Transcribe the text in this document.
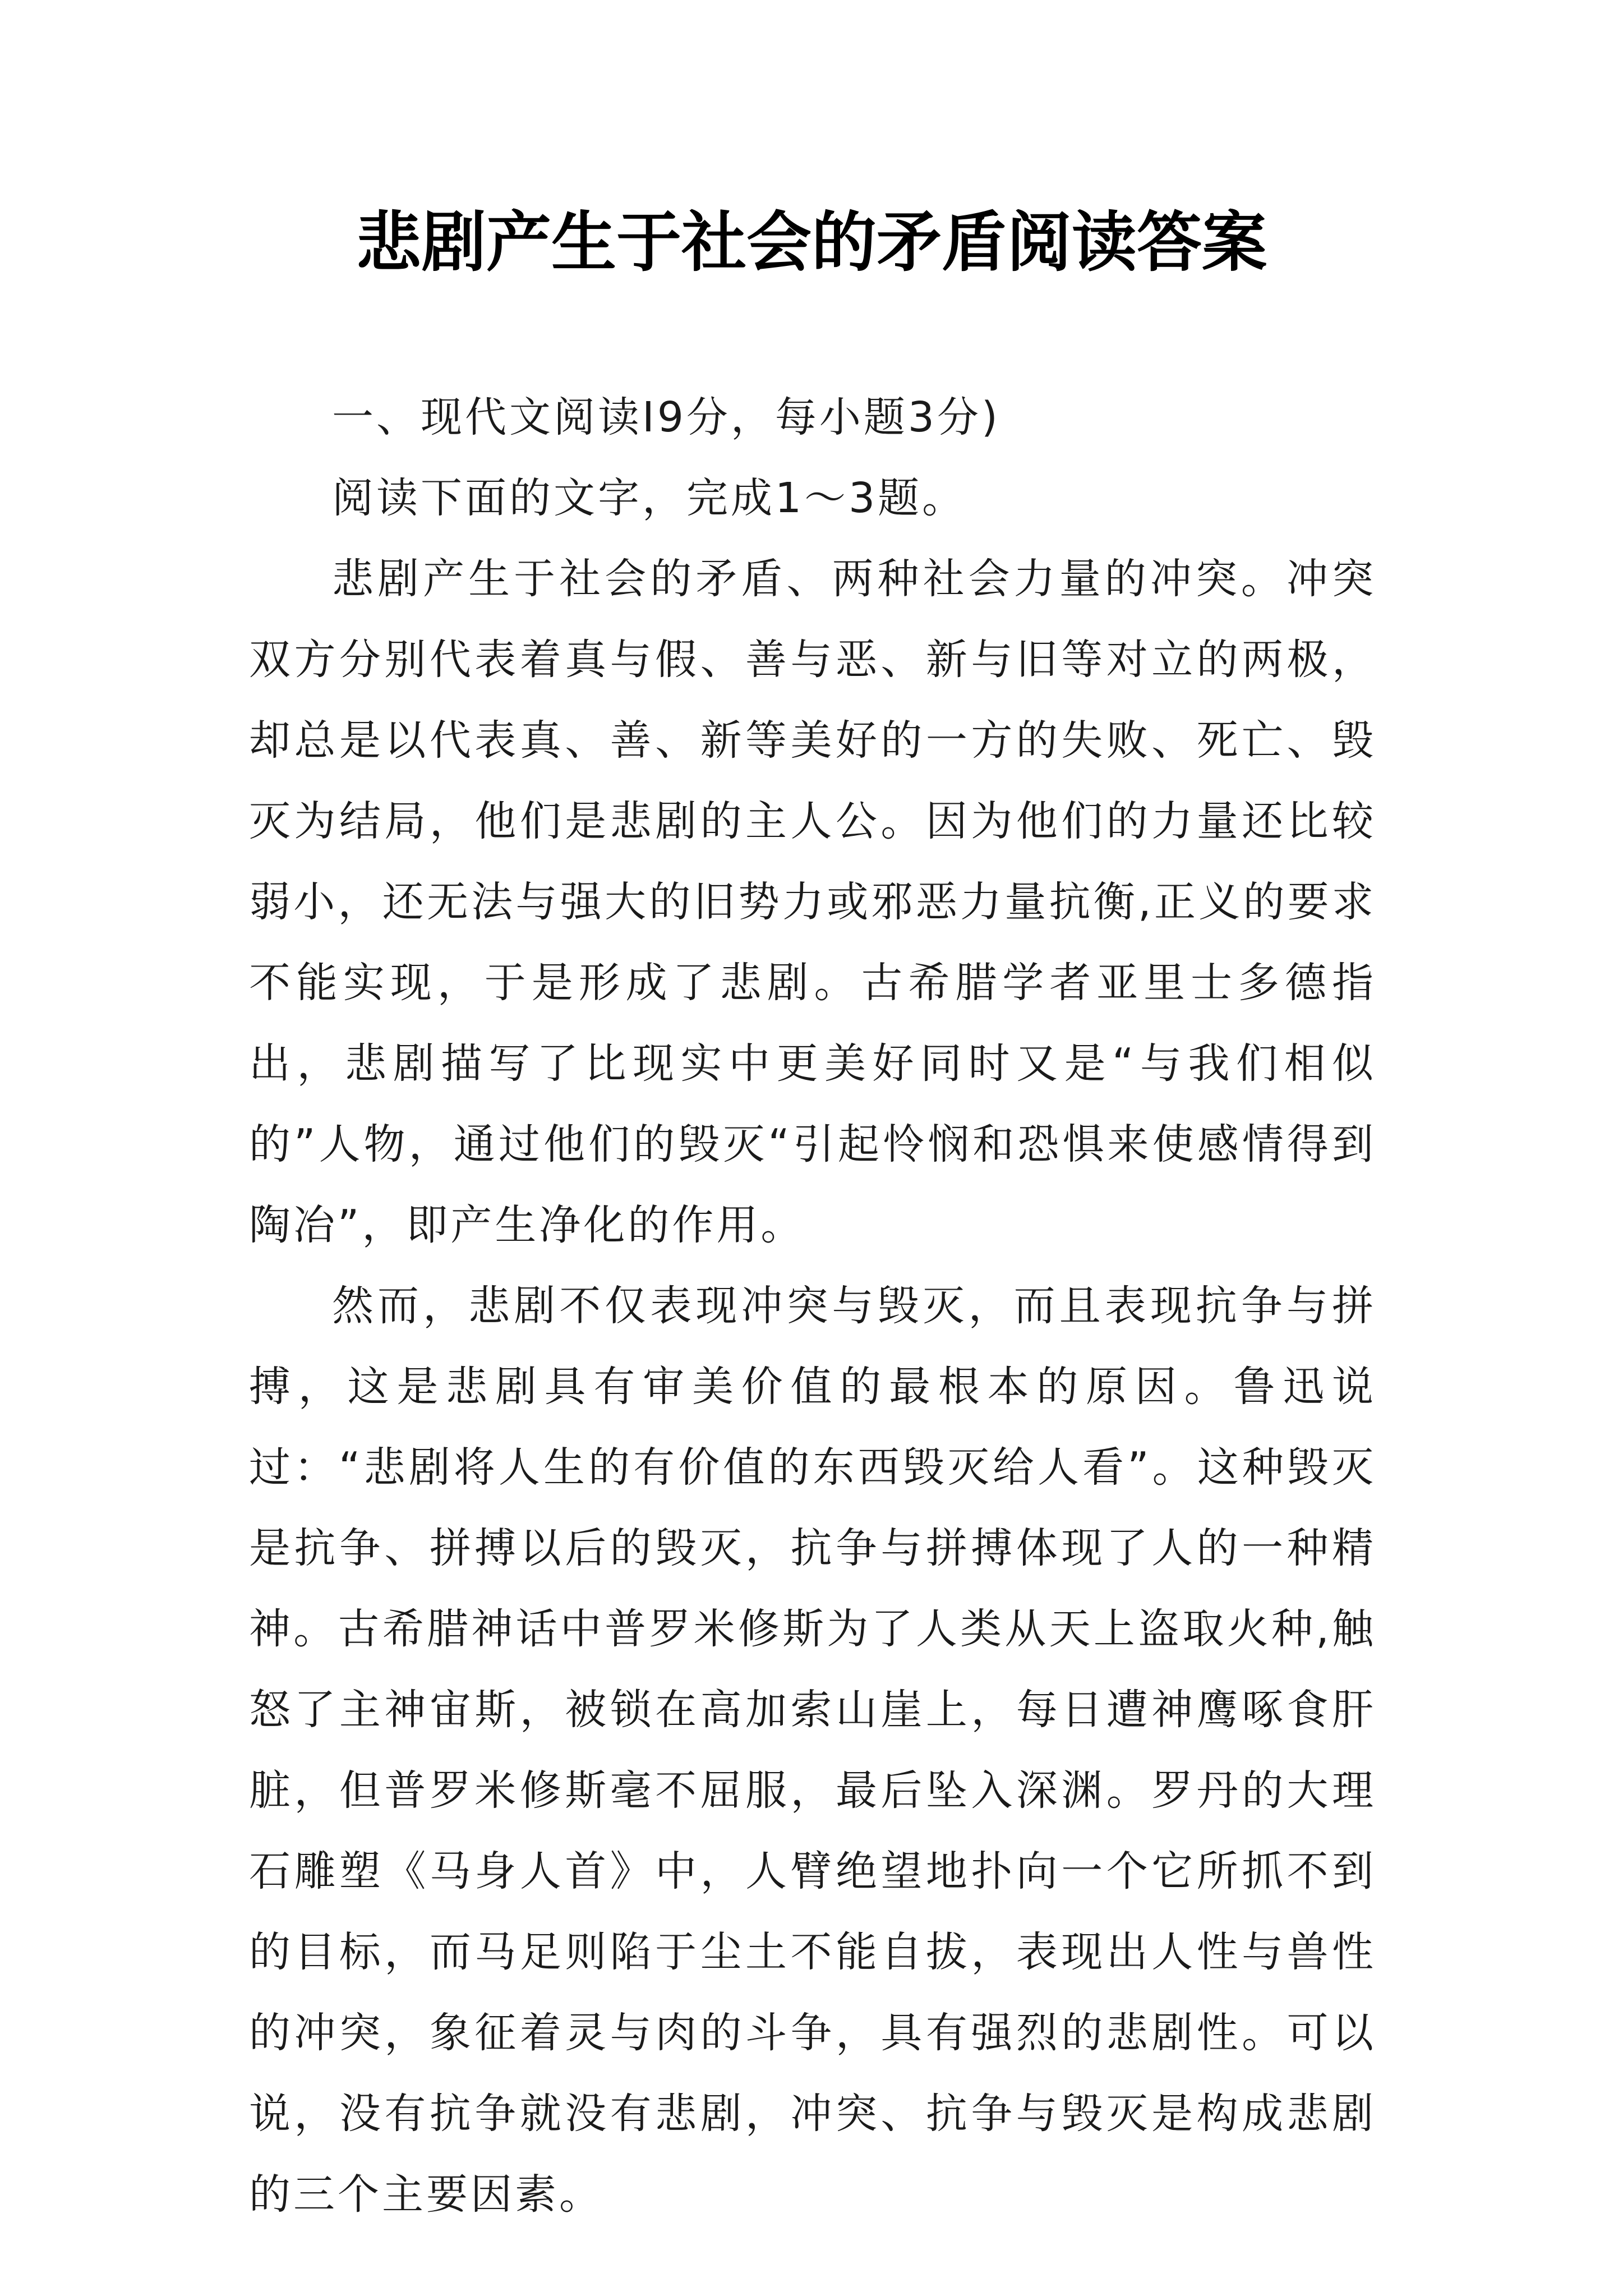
悲剧产生于社会的矛盾阅读答案

一、现代文阅读Ⅰ9分，每小题3分)

阅读下面的文字，完成1～3题。

悲剧产生于社会的矛盾、两种社会力量的冲突。冲突双方分别代表着真与假、善与恶、新与旧等对立的两极，却总是以代表真、善、新等美好的一方的失败、死亡、毁灭为结局，他们是悲剧的主人公。因为他们的力量还比较弱小，还无法与强大的旧势力或邪恶力量抗衡,正义的要求不能实现，于是形成了悲剧。古希腊学者亚里士多德指出，悲剧描写了比现实中更美好同时又是“与我们相似的”人物，通过他们的毁灭“引起怜悯和恐惧来使感情得到陶冶”，即产生净化的作用。

然而，悲剧不仅表现冲突与毁灭，而且表现抗争与拼搏，这是悲剧具有审美价值的最根本的原因。鲁迅说过：“悲剧将人生的有价值的东西毁灭给人看”。这种毁灭是抗争、拼搏以后的毁灭，抗争与拼搏体现了人的一种精神。古希腊神话中普罗米修斯为了人类从天上盗取火种,触怒了主神宙斯，被锁在高加索山崖上，每日遭神鹰啄食肝脏，但普罗米修斯毫不屈服，最后坠入深渊。罗丹的大理石雕塑《马身人首》中，人臂绝望地扑向一个它所抓不到的目标，而马足则陷于尘土不能自拔，表现出人性与兽性的冲突，象征着灵与肉的斗争，具有强烈的悲剧性。可以说，没有抗争就没有悲剧，冲突、抗争与毁灭是构成悲剧的三个主要因素。
